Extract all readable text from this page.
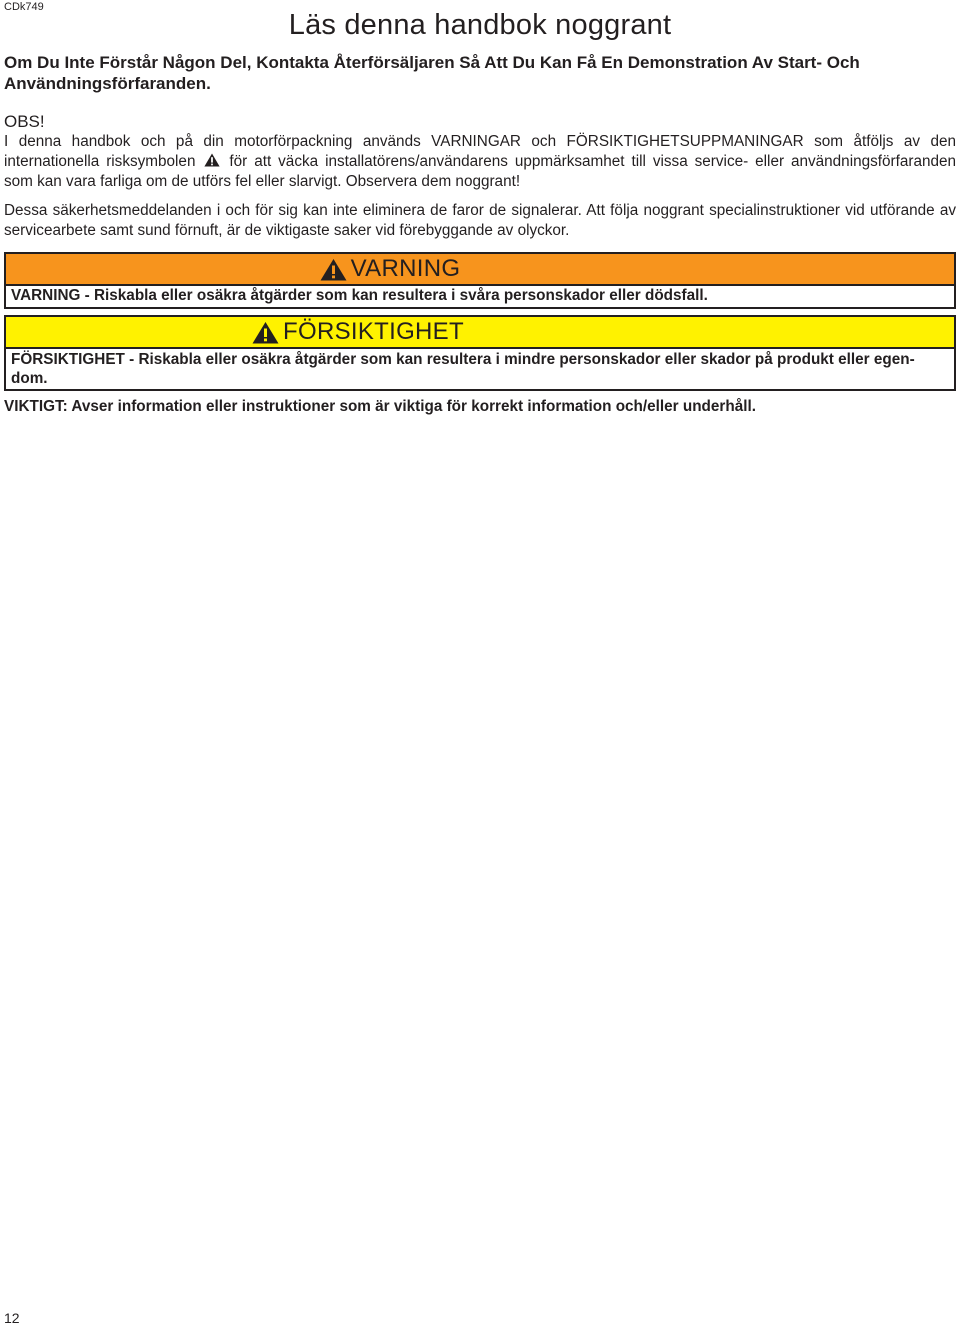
CDk749
Läs denna handbok noggrant

Om Du Inte Förstår Någon Del, Kontakta Återförsäljaren Så Att Du Kan Få En Demonstration Av Start- Och Användningsförfaranden.

OBS!

I denna handbok och på din motorförpackning används VARNINGAR och FÖRSIKTIGHETSUPPMANINGAR som åtföljs av den internationella risksymbolen för att väcka installatörens/användarens uppmärksamhet till vissa service- eller användningsförfaranden som kan vara farliga om de utförs fel eller slarvigt. Observera dem noggrant!

Dessa säkerhetsmeddelanden i och för sig kan inte eliminera de faror de signalerar. Att följa noggrant specialinstruktioner vid utförande av servicearbete samt sund förnuft, är de viktigaste saker vid förebyggande av olyckor.

VARNING
VARNING - Riskabla eller osäkra åtgärder som kan resultera i svåra personskador eller dödsfall.
FÖRSIKTIGHET
FÖRSIKTIGHET - Riskabla eller osäkra åtgärder som kan resultera i mindre personskador eller skador på produkt eller egen-dom.

VIKTIGT: Avser information eller instruktioner som är viktiga för korrekt information och/eller underhåll.

12
